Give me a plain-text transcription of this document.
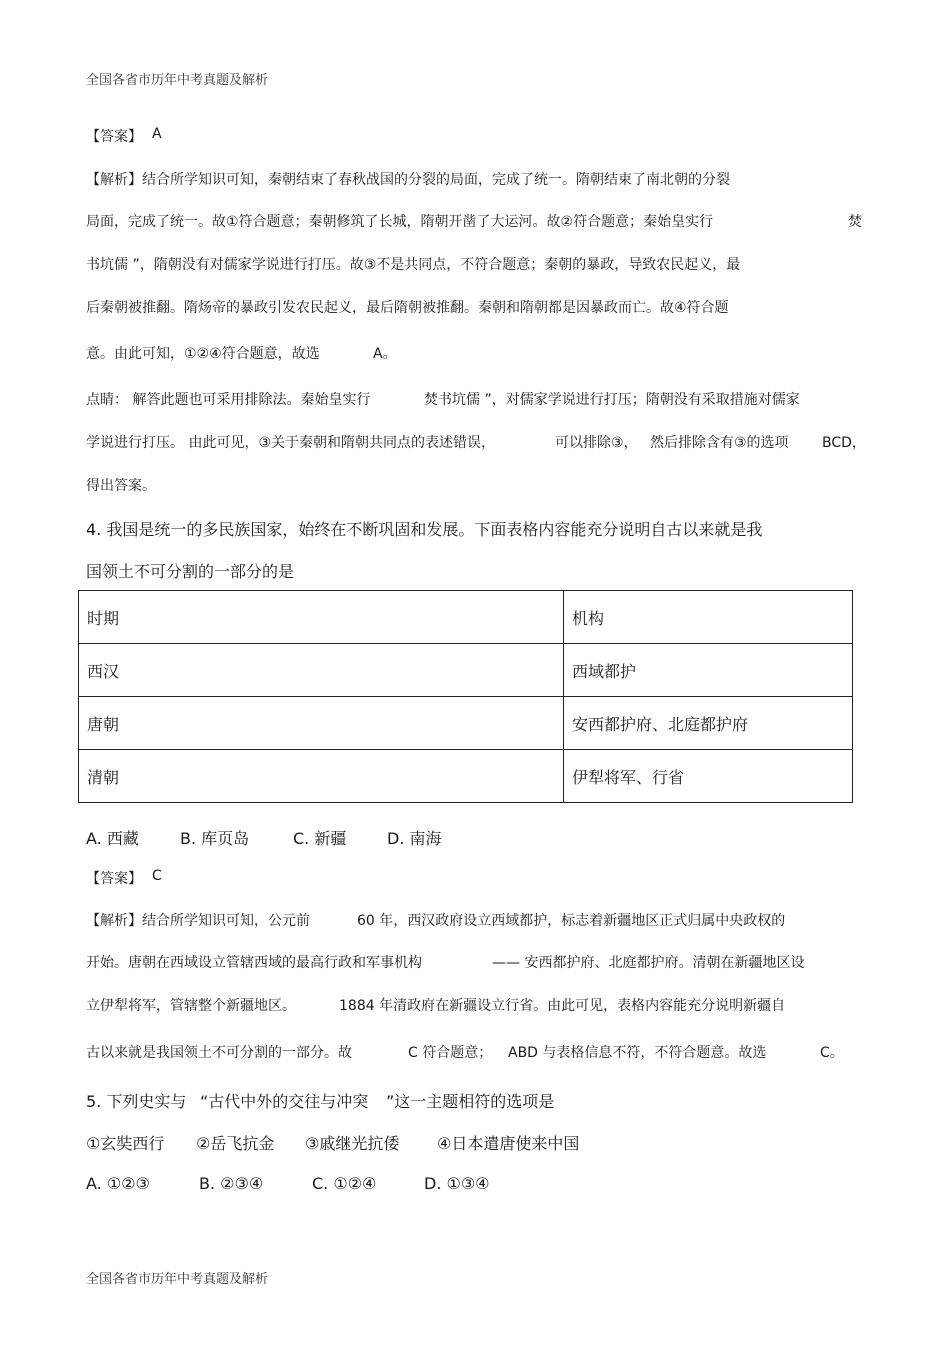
全国各省市历年中考真题及解析
【答案】 A
【解析】结合所学知识可知，秦朝结束了春秋战国的分裂的局面，完成了统一。隋朝结束了南北朝的分裂
局面，完成了统一。故①符合题意；秦朝修筑了长城，隋朝开凿了大运河。故②符合题意；秦始皇实行	焚
书坑儒 ”，隋朝没有对儒家学说进行打压。故③不是共同点，不符合题意；秦朝的暴政，导致农民起义，最
后秦朝被推翻。隋炀帝的暴政引发农民起义，最后隋朝被推翻。秦朝和隋朝都是因暴政而亡。故④符合题
意。由此可知，①②④符合题意，故选	A。
点睛： 解答此题也可采用排除法。秦始皇实行	焚书坑儒 ”，对儒家学说进行打压；隋朝没有采取措施对儒家
学说进行打压。 由此可见，③关于秦朝和隋朝共同点的表述错误，	可以排除③， 然后排除含有③的选项 BCD，
得出答案。
4. 我国是统一的多民族国家，始终在不断巩固和发展。下面表格内容能充分说明自古以来就是我
国领土不可分割的一部分的是
时期	机构
西汉	西域都护
唐朝	安西都护府、北庭都护府
清朝	伊犁将军、行省
A. 西藏	B. 库页岛	C. 新疆	D. 南海
【答案】 C
【解析】结合所学知识可知，公元前	60 年，西汉政府设立西域都护，标志着新疆地区正式归属中央政权的
开始。唐朝在西域设立管辖西域的最高行政和军事机构	—— 安西都护府、北庭都护府。清朝在新疆地区设
立伊犁将军，管辖整个新疆地区。	1884 年清政府在新疆设立行省。由此可见，表格内容能充分说明新疆自
古以来就是我国领土不可分割的一部分。故	C 符合题意； ABD 与表格信息不符，不符合题意。故选	C。
5. 下列史实与 “古代中外的交往与冲突 ”这一主题相符的选项是
①玄奘西行 ②岳飞抗金 ③戚继光抗倭 ④日本遣唐使来中国
A. ①②③	B. ②③④	C. ①②④	D. ①③④
全国各省市历年中考真题及解析
